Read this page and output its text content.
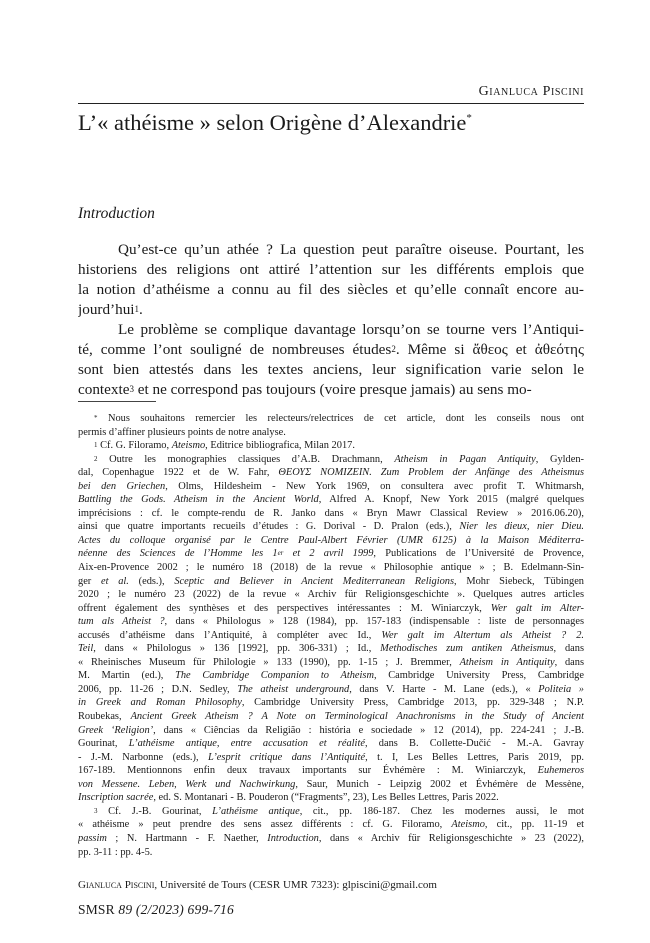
Gianluca Piscini
L’« athéisme » selon Origène d’Alexandrie*
Introduction
Qu’est-ce qu’un athée ? La question peut paraître oiseuse. Pourtant, les
historiens des religions ont attiré l’attention sur les différents emplois que
la notion d’athéisme a connu au fil des siècles et qu’elle connaît encore au-
jourd’hui$^1$.
Le problème se complique davantage lorsqu’on se tourne vers l’Antiqui-
té, comme l’ont souligné de nombreuses études$^2$. Même si ἄθεος et ἀθεότης
sont bien attestés dans les textes anciens, leur signification varie selon le
contexte$^3$ et ne correspond pas toujours (voire presque jamais) au sens mo-
* Nous souhaitons remercier les relecteurs/relectrices de cet article, dont les conseils nous ont
permis d’affiner plusieurs points de notre analyse.
$^1$ Cf. G. Filoramo, Ateismo, Editrice bibliografica, Milan 2017.
$^2$ Outre les monographies classiques d’A.B. Drachmann, Atheism in Pagan Antiquity, Gylden-
dal, Copenhague 1922 et de W. Fahr, ΘΕΟΥΣ NOMIZEIN. Zum Problem der Anfänge des Atheismus
bei den Griechen, Olms, Hildesheim - New York 1969, on consultera avec profit T. Whitmarsh,
Battling the Gods. Atheism in the Ancient World, Alfred A. Knopf, New York 2015 (malgré quelques
imprécisions : cf. le compte-rendu de R. Janko dans « Bryn Mawr Classical Review » 2016.06.20),
ainsi que quatre importants recueils d’études : G. Dorival - D. Pralon (eds.), Nier les dieux, nier Dieu.
Actes du colloque organisé par le Centre Paul-Albert Février (UMR 6125) à la Maison Méditerra-
néenne des Sciences de l’Homme les 1er et 2 avril 1999, Publications de l’Université de Provence,
Aix-en-Provence 2002 ; le numéro 18 (2018) de la revue « Philosophie antique » ; B. Edelmann-Sin-
ger et al. (eds.), Sceptic and Believer in Ancient Mediterranean Religions, Mohr Siebeck, Tübingen
2020 ; le numéro 23 (2022) de la revue « Archiv für Religionsgeschichte ». Quelques autres articles
offrent également des synthèses et des perspectives intéressantes : M. Winiarczyk, Wer galt im Alter-
tum als Atheist ?, dans « Philologus » 128 (1984), pp. 157-183 (indispensable : liste de personnages
accusés d’athéisme dans l’Antiquité, à compléter avec Id., Wer galt im Altertum als Atheist ? 2.
Teil, dans « Philologus » 136 [1992], pp. 306-331) ; Id., Methodisches zum antiken Atheismus, dans
« Rheinisches Museum für Philologie » 133 (1990), pp. 1-15 ; J. Bremmer, Atheism in Antiquity, dans
M. Martin (ed.), The Cambridge Companion to Atheism, Cambridge University Press, Cambridge
2006, pp. 11-26 ; D.N. Sedley, The atheist underground, dans V. Harte - M. Lane (eds.), « Politeia »
in Greek and Roman Philosophy, Cambridge University Press, Cambridge 2013, pp. 329-348 ; N.P.
Roubekas, Ancient Greek Atheism ? A Note on Terminological Anachronisms in the Study of Ancient
Greek ‘Religion’, dans « Ciências da Religião : história e sociedade » 12 (2014), pp. 224-241 ; J.-B.
Gourinat, L’athéisme antique, entre accusation et réalité, dans B. Collette-Dučić - M.-A. Gavray
- J.-M. Narbonne (eds.), L’esprit critique dans l’Antiquité, t. I, Les Belles Lettres, Paris 2019, pp.
167-189. Mentionnons enfin deux travaux importants sur Évhémère : M. Winiarczyk, Euhemeros
von Messene. Leben, Werk und Nachwirkung, Saur, Munich - Leipzig 2002 et Évhémère de Messène,
Inscription sacrée, ed. S. Montanari - B. Pouderon (“Fragments”, 23), Les Belles Lettres, Paris 2022.
$^3$ Cf. J.-B. Gourinat, L’athéisme antique, cit., pp. 186-187. Chez les modernes aussi, le mot
« athéisme » peut prendre des sens assez différents : cf. G. Filoramo, Ateismo, cit., pp. 11-19 et
passim ; N. Hartmann - F. Naether, Introduction, dans « Archiv für Religionsgeschichte » 23 (2022),
pp. 3-11 : pp. 4-5.
Gianluca Piscini, Université de Tours (CESR UMR 7323): glpiscini@gmail.com
SMSR 89 (2/2023) 699-716
